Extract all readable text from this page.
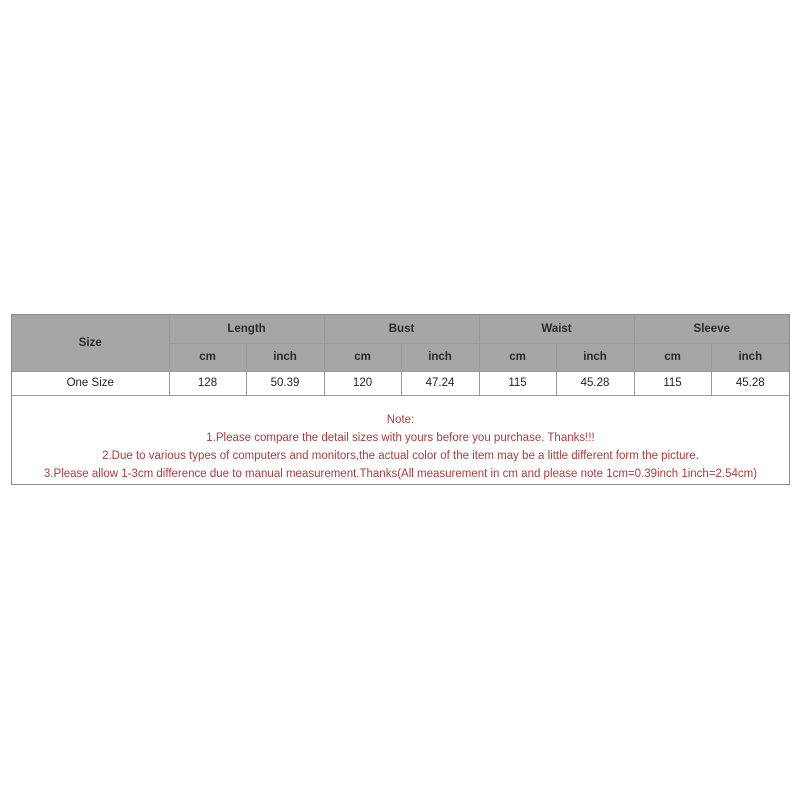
Size	Length		Bust		Waist		Sleeve	
	cm	inch	cm	inch	cm	inch	cm	inch
One Size	128	50.39	120	47.24	115	45.28	115	45.28
Note:
1.Please compare the detail sizes with yours before you purchase. Thanks!!!
2.Due to various types of computers and monitors,the actual color of the item may be a little different form the picture.
3.Please allow 1-3cm difference due to manual measurement.Thanks(All measurement in cm and please note 1cm=0.39inch 1inch=2.54cm)
